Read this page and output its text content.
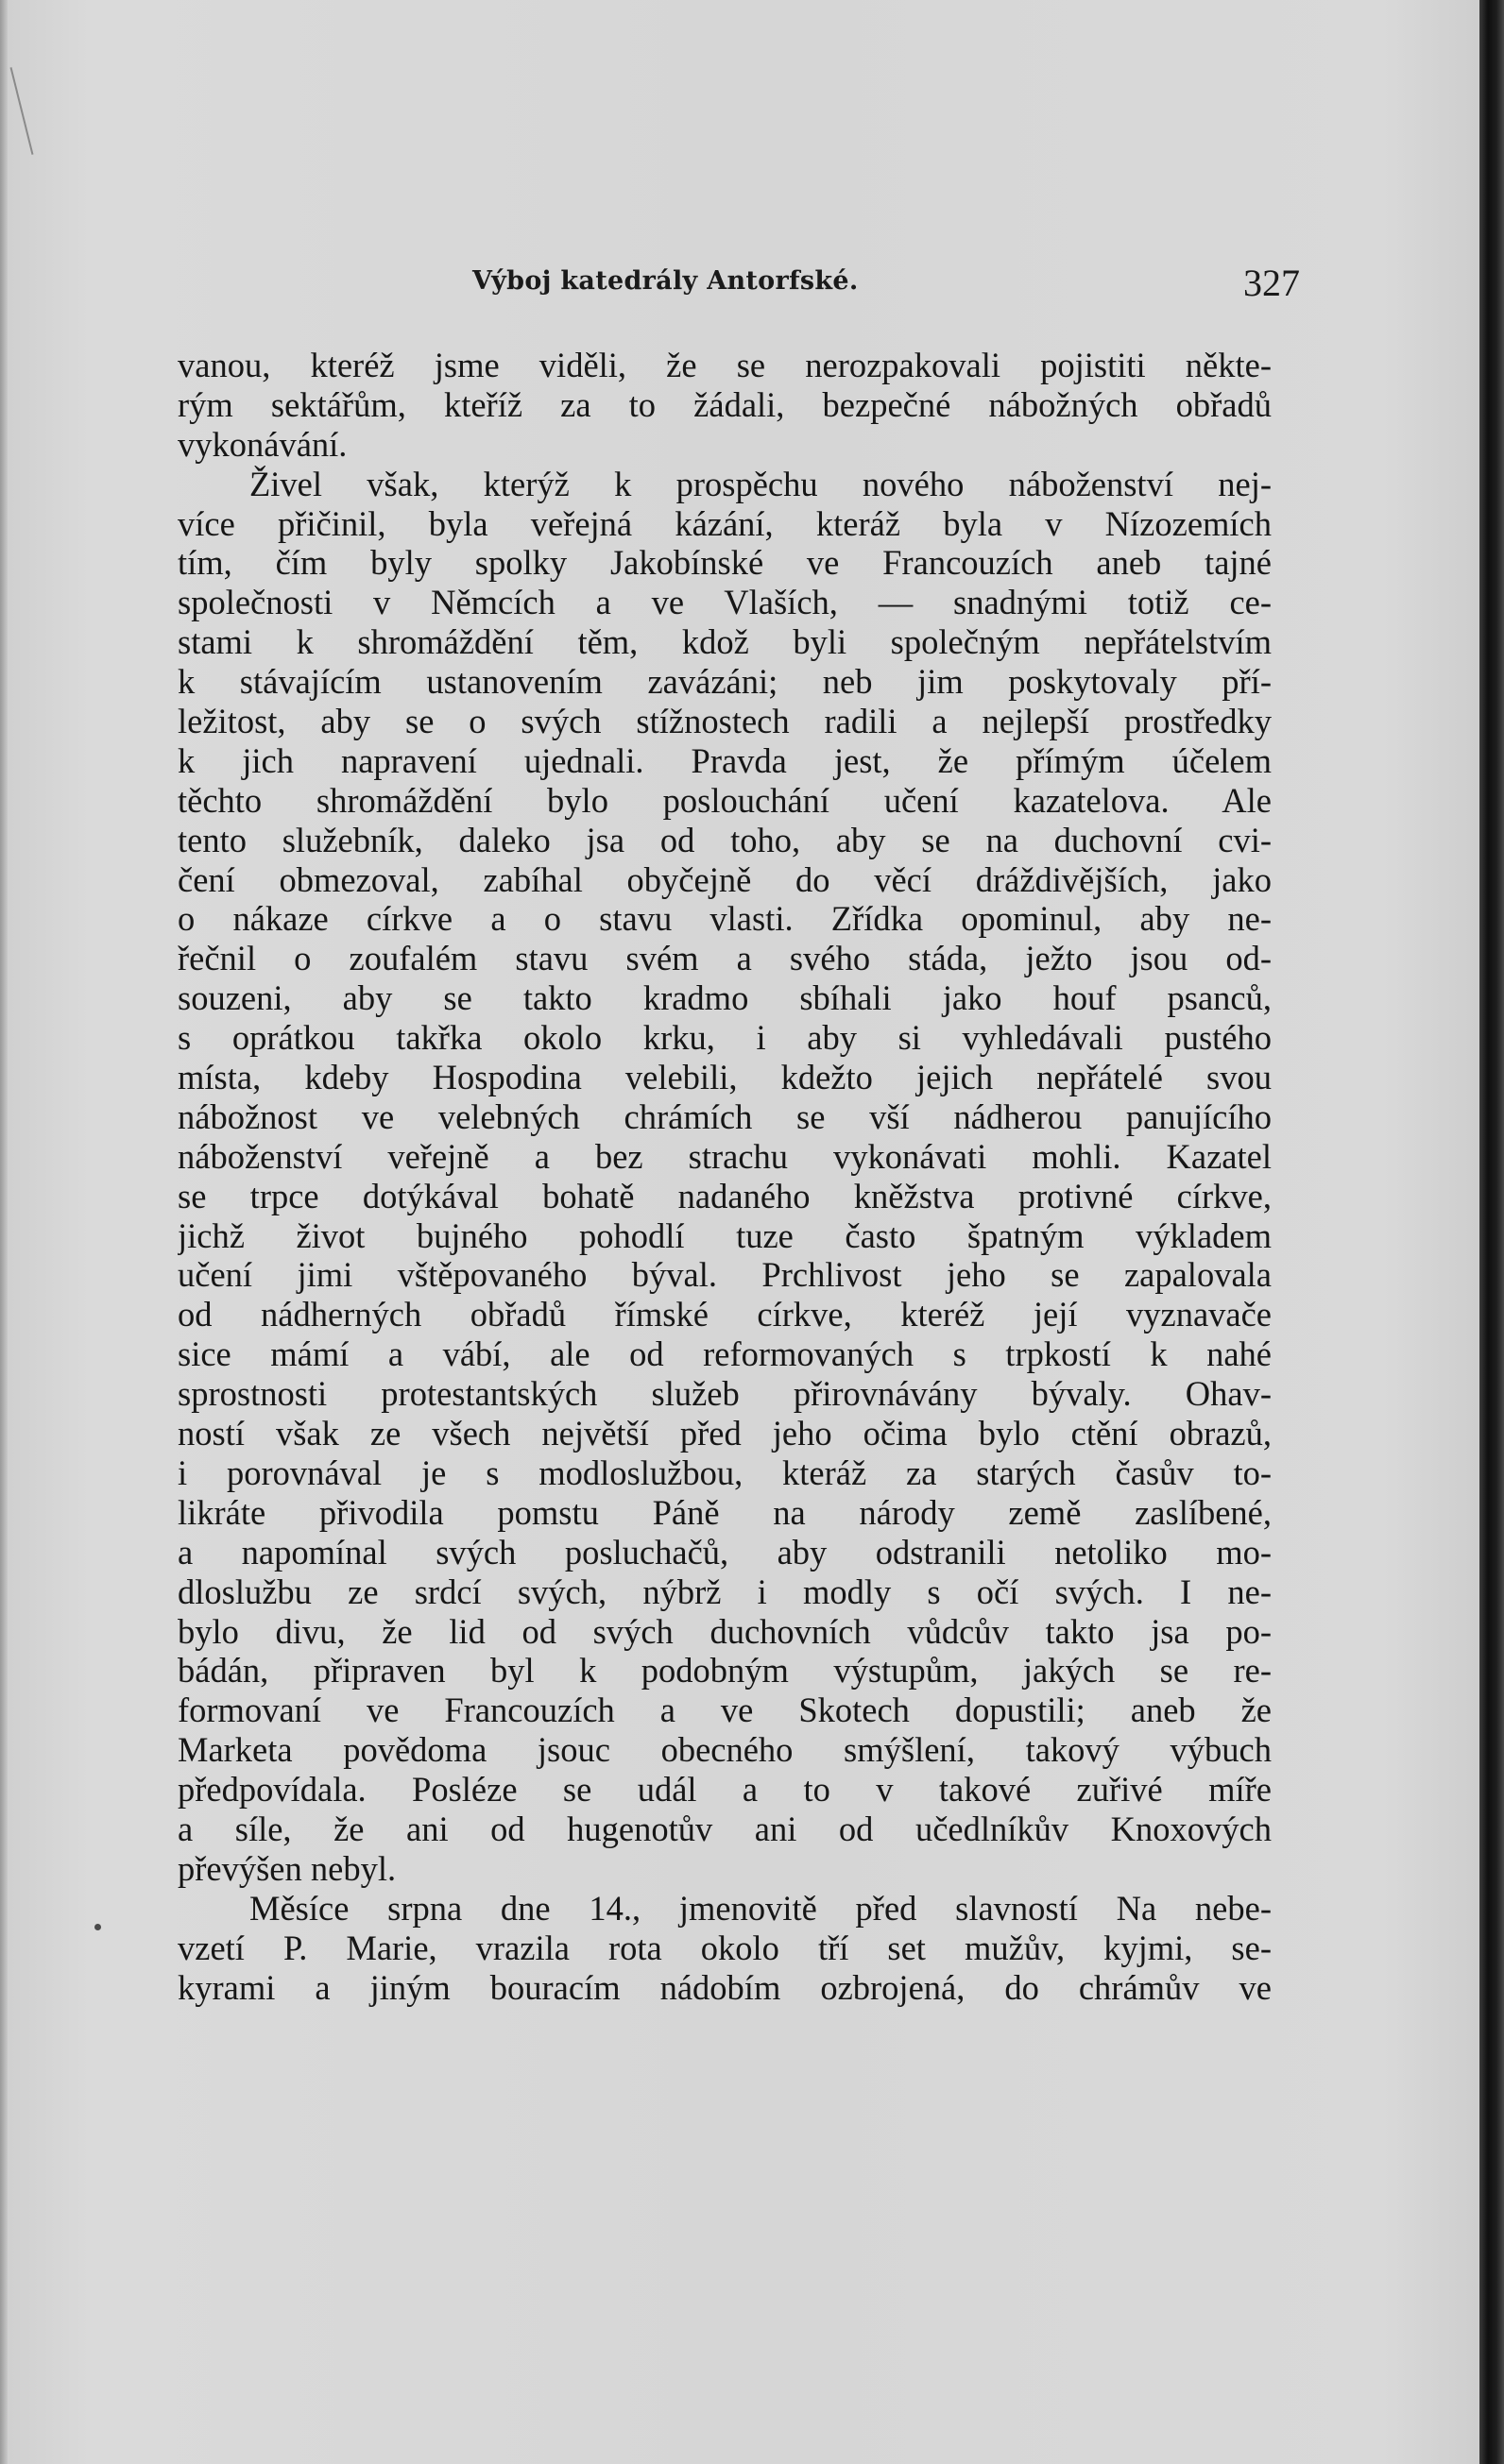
Výboj katedrály Antorfské.	327
vanou, kteréž jsme viděli, že se nerozpakovali pojistiti někte-
rým sektářům, kteříž za to žádali, bezpečné nábožných obřadů
vykonávání.
Živel však, kterýž k prospěchu nového náboženství nej-
více přičinil, byla veřejná kázání, kteráž byla v Nízozemích
tím, čím byly spolky Jakobínské ve Francouzích aneb tajné
společnosti v Němcích a ve Vlaších, — snadnými totiž ce-
stami k shromáždění těm, kdož byli společným nepřátelstvím
k stávajícím ustanovením zavázáni; neb jim poskytovaly pří-
ležitost, aby se o svých stížnostech radili a nejlepší prostředky
k jich napravení ujednali. Pravda jest, že přímým účelem
těchto shromáždění bylo poslouchání učení kazatelova. Ale
tento služebník, daleko jsa od toho, aby se na duchovní cvi-
čení obmezoval, zabíhal obyčejně do věcí dráždivějších, jako
o nákaze církve a o stavu vlasti. Zřídka opominul, aby ne-
řečnil o zoufalém stavu svém a svého stáda, ježto jsou od-
souzeni, aby se takto kradmo sbíhali jako houf psanců,
s oprátkou takřka okolo krku, i aby si vyhledávali pustého
místa, kdeby Hospodina velebili, kdežto jejich nepřátelé svou
nábožnost ve velebných chrámích se vší nádherou panujícího
náboženství veřejně a bez strachu vykonávati mohli. Kazatel
se trpce dotýkával bohatě nadaného kněžstva protivné církve,
jichž život bujného pohodlí tuze často špatným výkladem
učení jimi vštěpovaného býval. Prchlivost jeho se zapalovala
od nádherných obřadů římské církve, kteréž její vyznavače
sice mámí a vábí, ale od reformovaných s trpkostí k nahé
sprostnosti protestantských služeb přirovnávány bývaly. Ohav-
ností však ze všech největší před jeho očima bylo ctění obrazů,
i porovnával je s modloslužbou, kteráž za starých časův to-
likráte přivodila pomstu Páně na národy země zaslíbené,
a napomínal svých posluchačů, aby odstranili netoliko mo-
dloslužbu ze srdcí svých, nýbrž i modly s očí svých. I ne-
bylo divu, že lid od svých duchovních vůdcův takto jsa po-
bádán, připraven byl k podobným výstupům, jakých se re-
formovaní ve Francouzích a ve Skotech dopustili; aneb že
Marketa povědoma jsouc obecného smýšlení, takový výbuch
předpovídala. Posléze se udál a to v takové zuřivé míře
a síle, že ani od hugenotův ani od učedlníkův Knoxových
převýšen nebyl.
Měsíce srpna dne 14., jmenovitě před slavností Na nebe-
vzetí P. Marie, vrazila rota okolo tří set mužův, kyjmi, se-
kyrami a jiným bouracím nádobím ozbrojená, do chrámův ve
